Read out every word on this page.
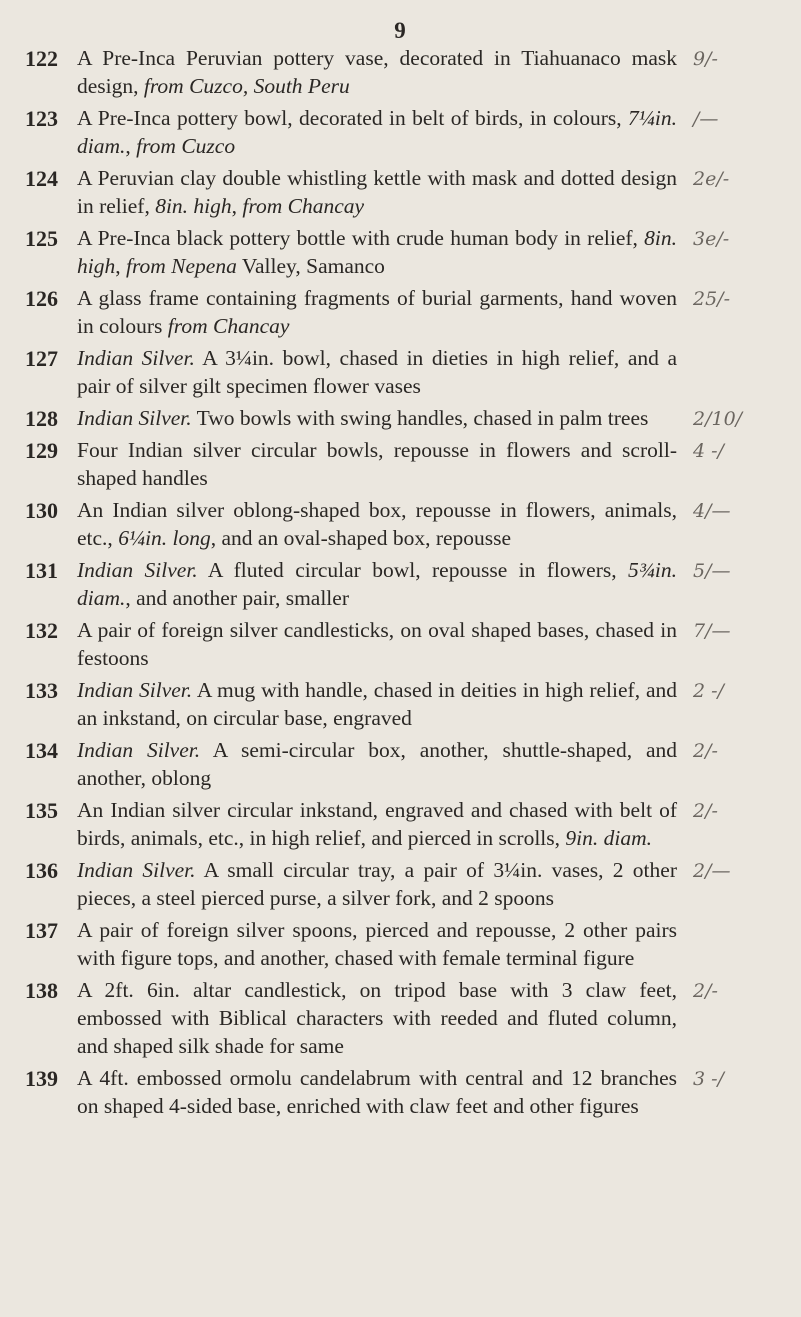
9
122 A Pre-Inca Peruvian pottery vase, decorated in Tiahuanaco mask design, from Cuzco, South Peru
9/-
123 A Pre-Inca pottery bowl, decorated in belt of birds, in colours, 7¼in. diam., from Cuzco
/—
124 A Peruvian clay double whistling kettle with mask and dotted design in relief, 8in. high, from Chancay
2e/-
125 A Pre-Inca black pottery bottle with crude human body in relief, 8in. high, from Nepena Valley, Samanco
3e/-
126 A glass frame containing fragments of burial garments, hand woven in colours from Chancay
25/-
127 Indian Silver. A 3¼in. bowl, chased in dieties in high relief, and a pair of silver gilt specimen flower vases
128 Indian Silver. Two bowls with swing handles, chased in palm trees	2/10/
129 Four Indian silver circular bowls, repousse in flowers and scroll-shaped handles
4 -/
130 An Indian silver oblong-shaped box, repousse in flowers, animals, etc., 6¼in. long, and an oval-shaped box, repousse
4/—
131 Indian Silver. A fluted circular bowl, repousse in flowers, 5¾in. diam., and another pair, smaller
5/—
132 A pair of foreign silver candlesticks, on oval shaped bases, chased in festoons
7/—
133 Indian Silver. A mug with handle, chased in deities in high relief, and an inkstand, on circular base, engraved
2 -/
134 Indian Silver. A semi-circular box, another, shuttle-shaped, and another, oblong
2/-
135 An Indian silver circular inkstand, engraved and chased with belt of birds, animals, etc., in high relief, and pierced in scrolls, 9in. diam.
2/-
136 Indian Silver. A small circular tray, a pair of 3¼in. vases, 2 other pieces, a steel pierced purse, a silver fork, and 2 spoons
2/—
137 A pair of foreign silver spoons, pierced and repousse, 2 other pairs with figure tops, and another, chased with female terminal figure
138 A 2ft. 6in. altar candlestick, on tripod base with 3 claw feet, embossed with Biblical characters with reeded and fluted column, and shaped silk shade for same
2/-
139 A 4ft. embossed ormolu candelabrum with central and 12 branches on shaped 4-sided base, enriched with claw feet and other figures
3 -/
